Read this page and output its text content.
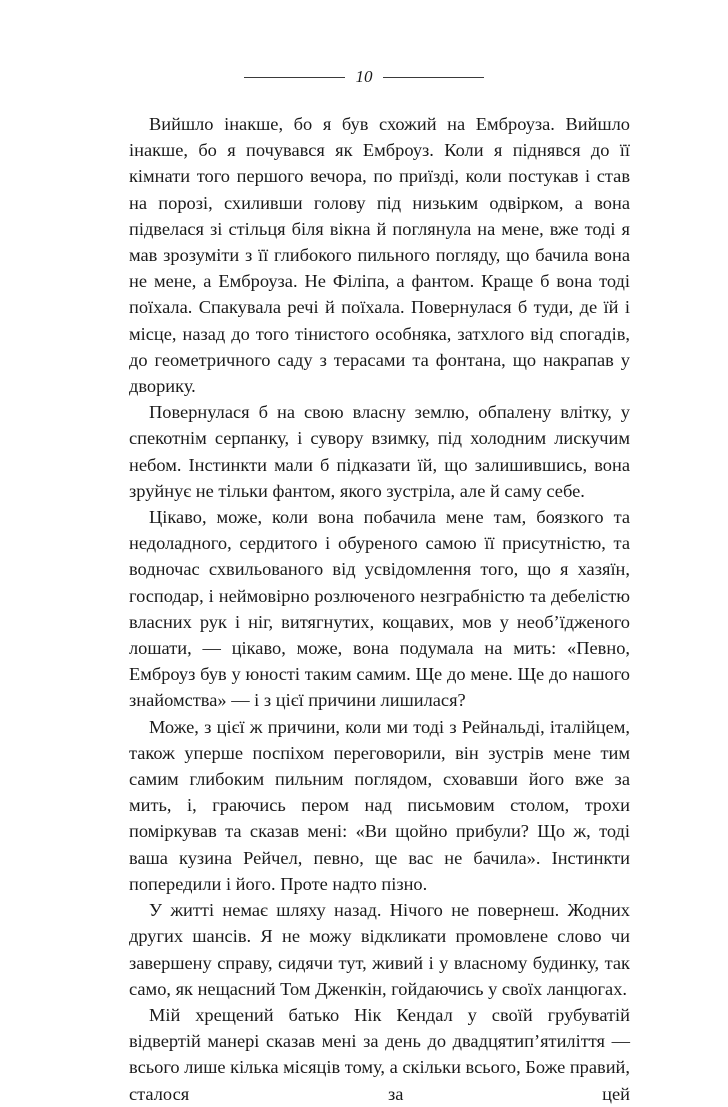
10

Вийшло інакше, бо я був схожий на Емброуза. Вийшло інакше, бо я почувався як Емброуз. Коли я піднявся до її кімнати того першого вечора, по приїзді, коли постукав і став на порозі, схиливши голову під низьким одвірком, а вона підвелася зі стільця біля вікна й поглянула на мене, вже тоді я мав зрозуміти з її глибокого пильного погляду, що бачила вона не мене, а Емброуза. Не Філіпа, а фантом. Краще б вона тоді поїхала. Спакувала речі й поїхала. Повернулася б туди, де їй і місце, назад до того тінистого особняка, затхлого від спогадів, до геометричного саду з терасами та фонтана, що накрапав у дворику.

Повернулася б на свою власну землю, обпалену влітку, у спекотнім серпанку, і сувору взимку, під холодним лискучим небом. Інстинкти мали б підказати їй, що залишившись, вона зруйнує не тільки фантом, якого зустріла, але й саму себе.

Цікаво, може, коли вона побачила мене там, боязкого та недоладного, сердитого і обуреного самою її присутністю, та водночас схвильованого від усвідомлення того, що я хазяїн, господар, і неймовірно розлюченого незграбністю та дебелістю власних рук і ніг, витягнутих, кощавих, мов у необ’їдженого лошати, — цікаво, може, вона подумала на мить: «Певно, Емброуз був у юності таким самим. Ще до мене. Ще до нашого знайомства» — і з цієї причини лишилася?

Може, з цієї ж причини, коли ми тоді з Рейнальді, італійцем, також уперше поспіхом переговорили, він зустрів мене тим самим глибоким пильним поглядом, сховавши його вже за мить, і, граючись пером над письмовим столом, трохи поміркував та сказав мені: «Ви щойно прибули? Що ж, тоді ваша кузина Рейчел, певно, ще вас не бачила». Інстинкти попередили і його. Проте надто пізно.

У житті немає шляху назад. Нічого не повернеш. Жодних других шансів. Я не можу відкликати промовлене слово чи завершену справу, сидячи тут, живий і у власному будинку, так само, як нещасний Том Дженкін, гойдаючись у своїх ланцюгах.

Мій хрещений батько Нік Кендал у своїй грубуватій відвертій манері сказав мені за день до двадцятип’ятиліття — всього лише кілька місяців тому, а скільки всього, Боже правий, сталося за цей
